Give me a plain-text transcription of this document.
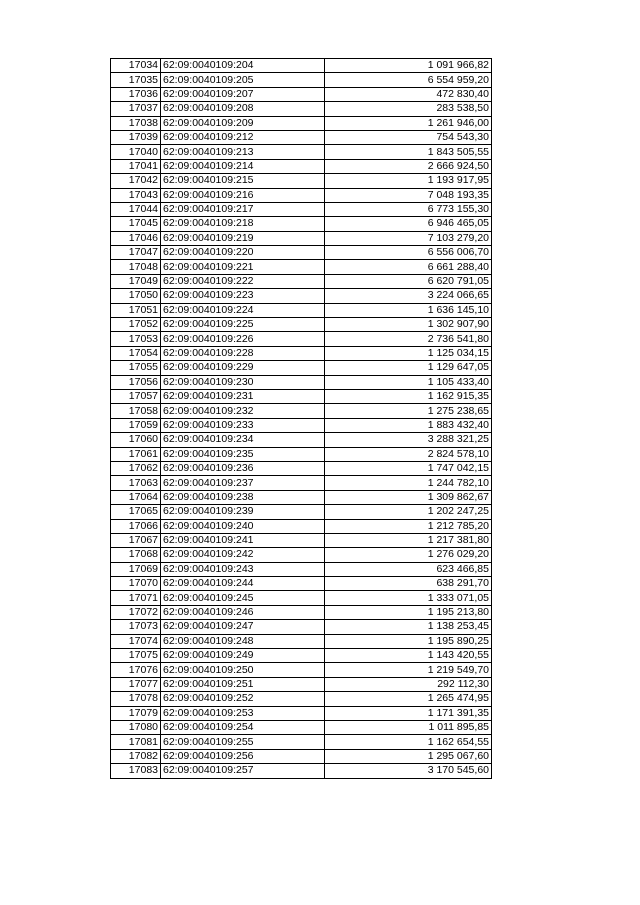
17034	62:09:0040109:204	1 091 966,82
17035	62:09:0040109:205	6 554 959,20
17036	62:09:0040109:207	472 830,40
17037	62:09:0040109:208	283 538,50
17038	62:09:0040109:209	1 261 946,00
17039	62:09:0040109:212	754 543,30
17040	62:09:0040109:213	1 843 505,55
17041	62:09:0040109:214	2 666 924,50
17042	62:09:0040109:215	1 193 917,95
17043	62:09:0040109:216	7 048 193,35
17044	62:09:0040109:217	6 773 155,30
17045	62:09:0040109:218	6 946 465,05
17046	62:09:0040109:219	7 103 279,20
17047	62:09:0040109:220	6 556 006,70
17048	62:09:0040109:221	6 661 288,40
17049	62:09:0040109:222	6 620 791,05
17050	62:09:0040109:223	3 224 066,65
17051	62:09:0040109:224	1 636 145,10
17052	62:09:0040109:225	1 302 907,90
17053	62:09:0040109:226	2 736 541,80
17054	62:09:0040109:228	1 125 034,15
17055	62:09:0040109:229	1 129 647,05
17056	62:09:0040109:230	1 105 433,40
17057	62:09:0040109:231	1 162 915,35
17058	62:09:0040109:232	1 275 238,65
17059	62:09:0040109:233	1 883 432,40
17060	62:09:0040109:234	3 288 321,25
17061	62:09:0040109:235	2 824 578,10
17062	62:09:0040109:236	1 747 042,15
17063	62:09:0040109:237	1 244 782,10
17064	62:09:0040109:238	1 309 862,67
17065	62:09:0040109:239	1 202 247,25
17066	62:09:0040109:240	1 212 785,20
17067	62:09:0040109:241	1 217 381,80
17068	62:09:0040109:242	1 276 029,20
17069	62:09:0040109:243	623 466,85
17070	62:09:0040109:244	638 291,70
17071	62:09:0040109:245	1 333 071,05
17072	62:09:0040109:246	1 195 213,80
17073	62:09:0040109:247	1 138 253,45
17074	62:09:0040109:248	1 195 890,25
17075	62:09:0040109:249	1 143 420,55
17076	62:09:0040109:250	1 219 549,70
17077	62:09:0040109:251	292 112,30
17078	62:09:0040109:252	1 265 474,95
17079	62:09:0040109:253	1 171 391,35
17080	62:09:0040109:254	1 011 895,85
17081	62:09:0040109:255	1 162 654,55
17082	62:09:0040109:256	1 295 067,60
17083	62:09:0040109:257	3 170 545,60
